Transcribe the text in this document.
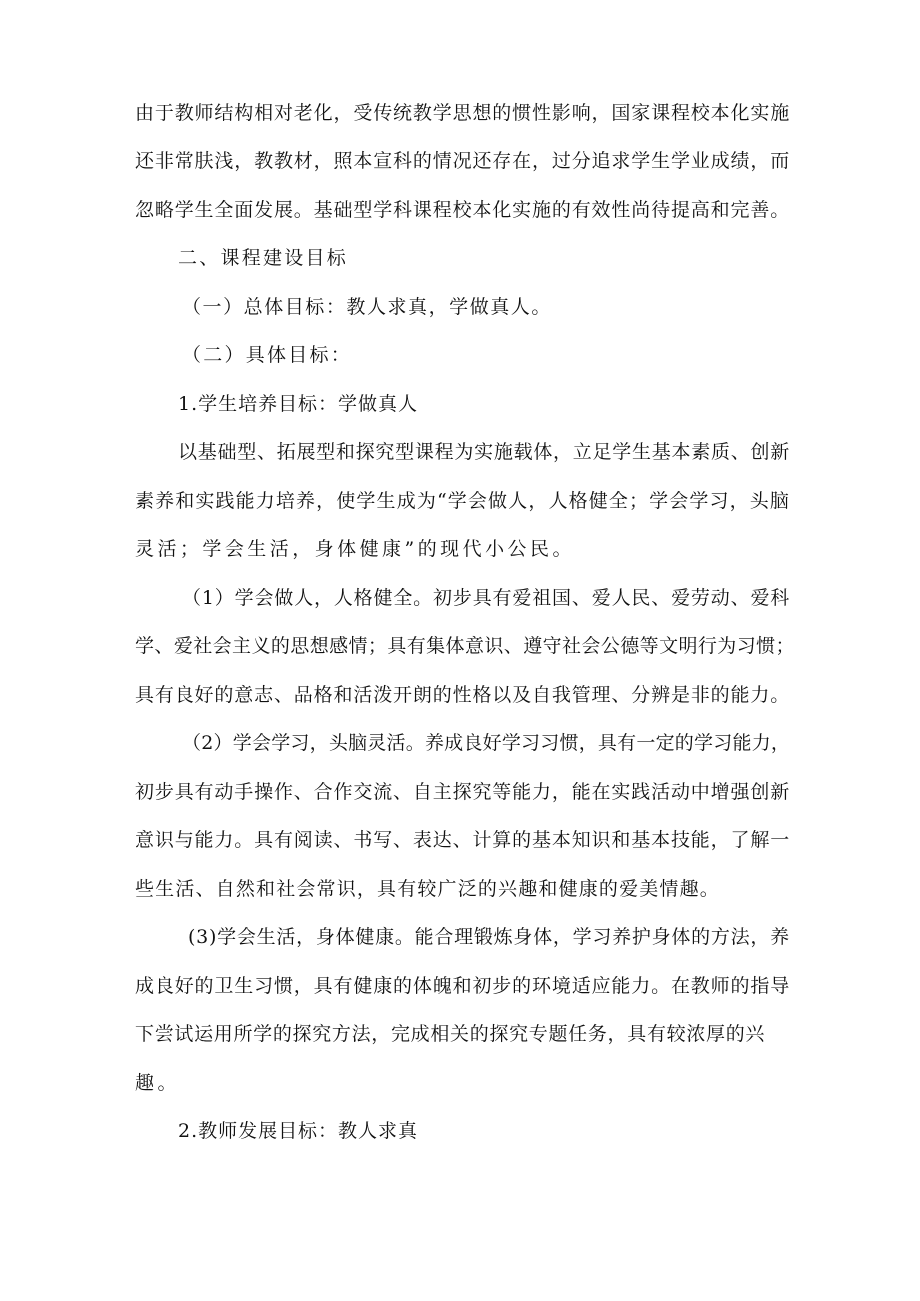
由于教师结构相对老化，受传统教学思想的惯性影响，国家课程校本化实施
还非常肤浅，教教材，照本宣科的情况还存在，过分追求学生学业成绩，而
忽略学生全面发展。基础型学科课程校本化实施的有效性尚待提高和完善。
二、课程建设目标
（一）总体目标：教人求真，学做真人。
（二）具体目标：
1.学生培养目标：学做真人
以基础型、拓展型和探究型课程为实施载体，立足学生基本素质、创新
素养和实践能力培养，使学生成为“学会做人，人格健全；学会学习，头脑
灵活；学会生活，身体健康”的现代小公民。
（1）学会做人，人格健全。初步具有爱祖国、爱人民、爱劳动、爱科
学、爱社会主义的思想感情；具有集体意识、遵守社会公德等文明行为习惯；
具有良好的意志、品格和活泼开朗的性格以及自我管理、分辨是非的能力。
（2）学会学习，头脑灵活。养成良好学习习惯，具有一定的学习能力，
初步具有动手操作、合作交流、自主探究等能力，能在实践活动中增强创新
意识与能力。具有阅读、书写、表达、计算的基本知识和基本技能，了解一
些生活、自然和社会常识，具有较广泛的兴趣和健康的爱美情趣。
(3)学会生活，身体健康。能合理锻炼身体，学习养护身体的方法，养
成良好的卫生习惯，具有健康的体魄和初步的环境适应能力。在教师的指导
下尝试运用所学的探究方法，完成相关的探究专题任务，具有较浓厚的兴
趣。
2.教师发展目标：教人求真
